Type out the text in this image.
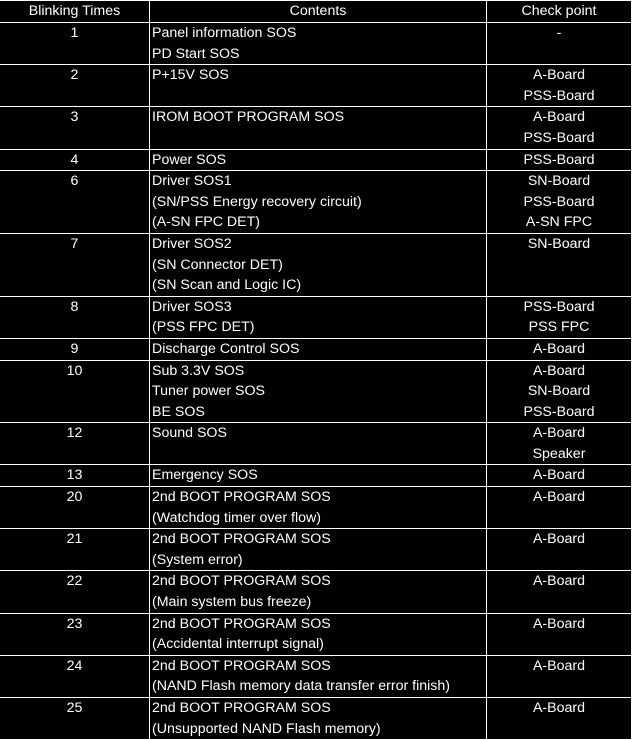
Blinking Times	Contents	Check point
1	Panel information SOS
PD Start SOS	-

2	P+15V SOS	A-Board
PSS-Board

3	IROM BOOT PROGRAM SOS	A-Board
PSS-Board

4	Power SOS	PSS-Board

6	Driver SOS1
(SN/PSS Energy recovery circuit)
(A-SN FPC DET)	SN-Board
PSS-Board
A-SN FPC

7	Driver SOS2
(SN Connector DET)
(SN Scan and Logic IC)	SN-Board

8	Driver SOS3
(PSS FPC DET)	PSS-Board
PSS FPC

9	Discharge Control SOS	A-Board

10	Sub 3.3V SOS
Tuner power SOS
BE SOS	A-Board
SN-Board
PSS-Board

12	Sound SOS	A-Board
Speaker

13	Emergency SOS	A-Board

20	2nd BOOT PROGRAM SOS
(Watchdog timer over flow)	A-Board

21	2nd BOOT PROGRAM SOS
(System error)	A-Board

22	2nd BOOT PROGRAM SOS
(Main system bus freeze)	A-Board

23	2nd BOOT PROGRAM SOS
(Accidental interrupt signal)	A-Board

24	2nd BOOT PROGRAM SOS
(NAND Flash memory data transfer error finish)	A-Board

25	2nd BOOT PROGRAM SOS
(Unsupported NAND Flash memory)	A-Board
